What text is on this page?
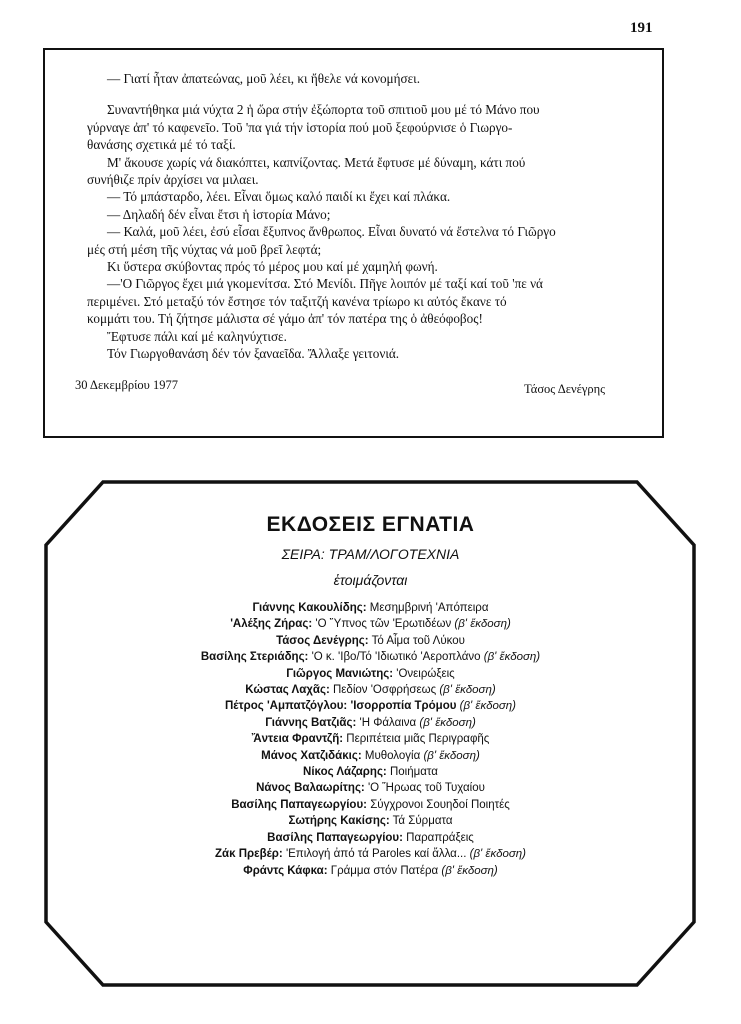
191
— Γιατί ἦταν ἀπατεώνας, μοῦ λέει, κι ἤθελε νά κονομήσει.
Συναντήθηκα μιά νύχτα 2 ἡ ὥρα στήν ἐξώπορτα τοῦ σπιτιοῦ μου μέ τό Μάνο που
γύρναγε ἀπ' τό καφενεῖο. Τοῦ 'πα γιά τήν ἱστορία πού μοῦ ξεφούρνισε ὁ Γιωργο-
θανάσης σχετικά μέ τό ταξί.
Μ' ἄκουσε χωρίς νά διακόπτει, καπνίζοντας. Μετά ἔφτυσε μέ δύναμη, κάτι πού
συνήθιζε πρίν ἀρχίσει να μιλαει.
— Τό μπάσταρδο, λέει. Εἶναι ὅμως καλό παιδί κι ἔχει καί πλάκα.
— Δηλαδή δέν εἶναι ἔτσι ἡ ἱστορία Μάνο;
— Καλά, μοῦ λέει, ἐσύ εἶσαι ἔξυπνος ἄνθρωπος. Εἶναι δυνατό νά ἔστελνα τό Γιῶργο
μές στή μέση τῆς νύχτας νά μοῦ βρεῖ λεφτά;
Κι ὕστερα σκύβοντας πρός τό μέρος μου καί μέ χαμηλή φωνή.
—'Ο Γιῶργος ἔχει μιά γκομενίτσα. Στό Μενίδι. Πῆγε λοιπόν μέ ταξί καί τοῦ 'πε νά
περιμένει. Στό μεταξύ τόν ἔστησε τόν ταξιτζή κανένα τρίωρο κι αὐτός ἔκανε τό
κομμάτι του. Τή ζήτησε μάλιστα σέ γάμο ἀπ' τόν πατέρα της ὁ ἀθεόφοβος!
Ἔφτυσε πάλι καί μέ καληνύχτισε.
Τόν Γιωργοθανάση δέν τόν ξαναεῖδα. Ἄλλαξε γειτονιά.
30 Δεκεμβρίου 1977	Τάσος Δενέγρης
ΕΚΔΟΣΕΙΣ ΕΓΝΑΤΙΑ
ΣΕΙΡΑ: ΤΡΑΜ/ΛΟΓΟΤΕΧΝΙΑ
ἑτοιμάζονται
Γιάννης Κακουλίδης: Μεσημβρινή 'Απόπειρα
'Αλέξης Ζήρας: 'Ο Ὕπνος τῶν 'Ερωτιδέων (β' ἔκδοση)
Τάσος Δενέγρης: Τό Αἷμα τοῦ Λύκου
Βασίλης Στεριάδης: 'Ο κ. 'Ιβο/Τό 'Ιδιωτικό 'Αεροπλάνο (β' ἔκδοση)
Γιῶργος Μανιώτης: 'Ονειρώξεις
Κώστας Λαχᾶς: Πεδίον 'Οσφρήσεως (β' ἔκδοση)
Πέτρος 'Αμπατζόγλου: 'Ισορροπία Τρόμου (β' ἔκδοση)
Γιάννης Βατζιᾶς: 'Η Φάλαινα (β' ἔκδοση)
Ἄντεια Φραντζῆ: Περιπέτεια μιᾶς Περιγραφῆς
Μάνος Χατζιδάκις: Μυθολογία (β' ἔκδοση)
Νίκος Λάζαρης: Ποιήματα
Νάνος Βαλαωρίτης: 'Ο Ἥρωας τοῦ Τυχαίου
Βασίλης Παπαγεωργίου: Σύγχρονοι Σουηδοί Ποιητές
Σωτήρης Κακίσης: Τά Σύρματα
Βασίλης Παπαγεωργίου: Παραπράξεις
Ζάκ Πρεβέρ: 'Επιλογή ἀπό τά Paroles καί ἄλλα... (β' ἔκδοση)
Φράντς Κάφκα: Γράμμα στόν Πατέρα (β' ἔκδοση)
